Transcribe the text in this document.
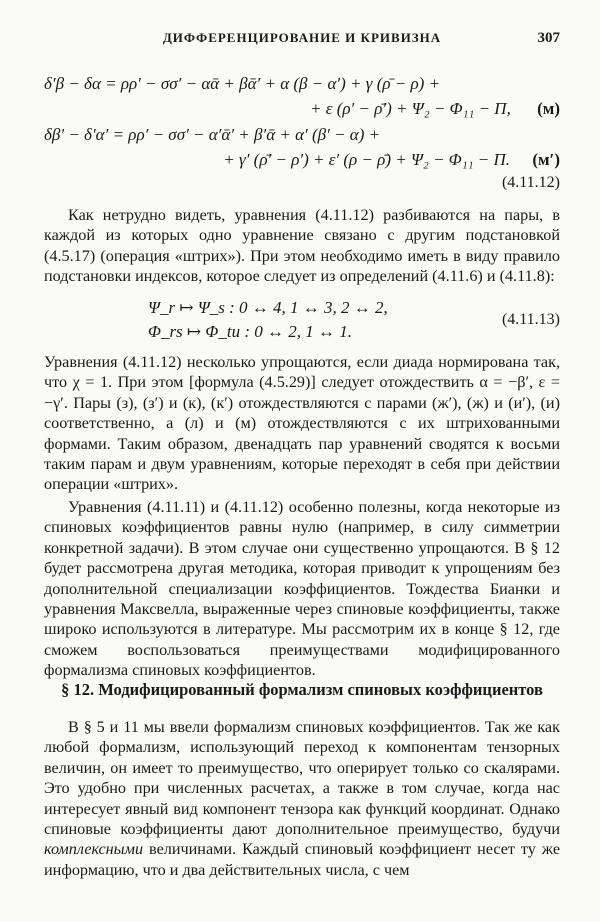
ДИФФЕРЕНЦИРОВАНИЕ И КРИВИЗНА	307
δ′β − δα = ρρ′ − σσ′ − αᾱ + βᾱ′ + α (β − α′) + γ (ρ̄ − ρ) +
+ ε (ρ′ − ρ̄′) + Ψ₂ − Φ₁₁ − Π, (м)
δβ′ − δ′α′ = ρρ′ − σσ′ − α′ᾱ′ + β′ᾱ + α′ (β′ − α) +
+ γ′ (ρ̄′ − ρ′) + ε′ (ρ − ρ̄) + Ψ₂ − Φ₁₁ − Π. (м′)
(4.11.12)

Как нетрудно видеть, уравнения (4.11.12) разбиваются на пары, в каждой из которых одно уравнение связано с другим подстановкой (4.5.17) (операция «штрих»). При этом необходимо иметь в виду правило подстановки индексов, которое следует из определений (4.11.6) и (4.11.8):

Ψ_r ↦ Ψ_s : 0 ↔ 4, 1 ↔ 3, 2 ↔ 2,
Φ_rs ↦ Φ_tu : 0 ↔ 2, 1 ↔ 1.
(4.11.13)

Уравнения (4.11.12) несколько упрощаются, если диада нормирована так, что χ = 1. При этом [формула (4.5.29)] следует отождествить α = −β′, ε = −γ′. Пары (з), (з′) и (к), (к′) отождествляются с парами (ж′), (ж) и (и′), (и) соответственно, а (л) и (м) отождествляются с их штрихованными формами. Таким образом, двенадцать пар уравнений сводятся к восьми таким парам и двум уравнениям, которые переходят в себя при действии операции «штрих».

Уравнения (4.11.11) и (4.11.12) особенно полезны, когда некоторые из спиновых коэффициентов равны нулю (например, в силу симметрии конкретной задачи). В этом случае они существенно упрощаются. В § 12 будет рассмотрена другая методика, которая приводит к упрощениям без дополнительной специализации коэффициентов. Тождества Бианки и уравнения Максвелла, выраженные через спиновые коэффициенты, также широко используются в литературе. Мы рассмотрим их в конце § 12, где сможем воспользоваться преимуществами модифицированного формализма спиновых коэффициентов.

§ 12. Модифицированный формализм спиновых коэффициентов

В § 5 и 11 мы ввели формализм спиновых коэффициентов. Так же как любой формализм, использующий переход к компонентам тензорных величин, он имеет то преимущество, что оперирует только со скалярами. Это удобно при численных расчетах, а также в том случае, когда нас интересует явный вид компонент тензора как функций координат. Однако спиновые коэффициенты дают дополнительное преимущество, будучи комплексными величинами. Каждый спиновый коэффициент несет ту же информацию, что и два действительных числа, с чем
